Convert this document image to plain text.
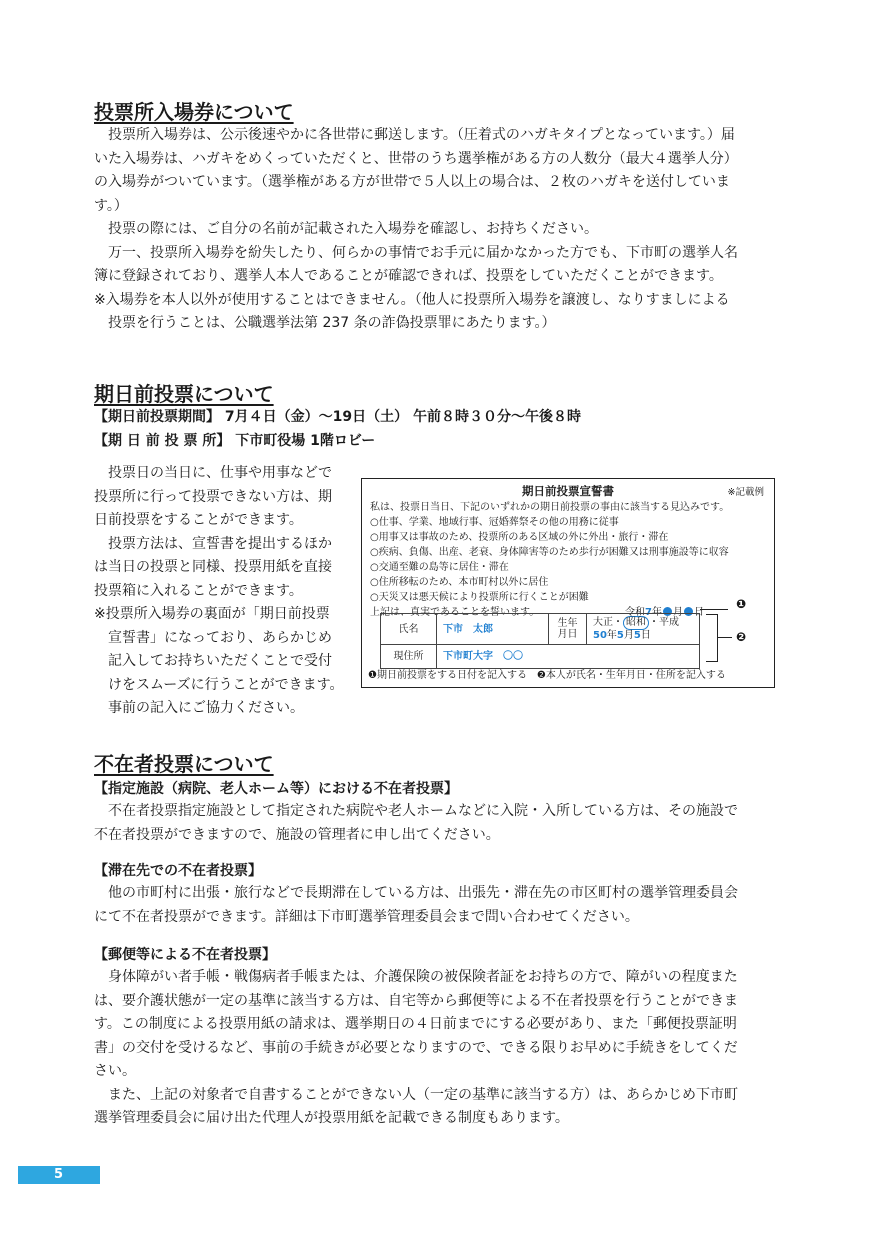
投票所入場券について
投票所入場券は、公示後速やかに各世帯に郵送します。（圧着式のハガキタイプとなっています。）届
いた入場券は、ハガキをめくっていただくと、世帯のうち選挙権がある方の人数分（最大４選挙人分）
の入場券がついています。（選挙権がある方が世帯で５人以上の場合は、２枚のハガキを送付していま
す。）
投票の際には、ご自分の名前が記載された入場券を確認し、お持ちください。
万一、投票所入場券を紛失したり、何らかの事情でお手元に届かなかった方でも、下市町の選挙人名
簿に登録されており、選挙人本人であることが確認できれば、投票をしていただくことができます。
※入場券を本人以外が使用することはできません。（他人に投票所入場券を譲渡し、なりすましによる
投票を行うことは、公職選挙法第 237 条の詐偽投票罪にあたります。）
期日前投票について
【期日前投票期間】 7月４日（金）～19日（土） 午前８時３０分～午後８時
【期 日 前 投 票 所】 下市町役場 1階ロビー
投票日の当日に、仕事や用事などで
投票所に行って投票できない方は、期
日前投票をすることができます。
投票方法は、宣誓書を提出するほか
は当日の投票と同様、投票用紙を直接
投票箱に入れることができます。
※投票所入場券の裏面が「期日前投票
宣誓書」になっており、あらかじめ
記入してお持ちいただくことで受付
けをスムーズに行うことができます。
事前の記入にご協力ください。
期日前投票宣誓書	※記載例
私は、投票日当日、下記のいずれかの期日前投票の事由に該当する見込みです。
○仕事、学業、地域行事、冠婚葬祭その他の用務に従事
○用事又は事故のため、投票所のある区域の外に外出・旅行・滞在
○疾病、負傷、出産、老衰、身体障害等のため歩行が困難又は刑事施設等に収容
○交通至難の島等に居住・滞在
○住所移転のため、本市町村以外に居住
○天災又は悪天候により投票所に行くことが困難
上記は、真実であることを誓います。	令和7年 月 日
氏名	下市　太郎	生年月日	大正・ 昭和 ・平成
50年5月5日
現住所	下市町大字　〇〇		
❶期日前投票をする日付を記入する　 ❷本人が氏名・生年月日・住所を記入する
❶
❷
不在者投票について
【指定施設（病院、老人ホーム等）における不在者投票】
不在者投票指定施設として指定された病院や老人ホームなどに入院・入所している方は、その施設で
不在者投票ができますので、施設の管理者に申し出てください。
【滞在先での不在者投票】
他の市町村に出張・旅行などで長期滞在している方は、出張先・滞在先の市区町村の選挙管理委員会
にて不在者投票ができます。詳細は下市町選挙管理委員会まで問い合わせてください。
【郵便等による不在者投票】
身体障がい者手帳・戦傷病者手帳または、介護保険の被保険者証をお持ちの方で、障がいの程度また
は、要介護状態が一定の基準に該当する方は、自宅等から郵便等による不在者投票を行うことができま
す。この制度による投票用紙の請求は、選挙期日の４日前までにする必要があり、また「郵便投票証明
書」の交付を受けるなど、事前の手続きが必要となりますので、できる限りお早めに手続きをしてくだ
さい。
また、上記の対象者で自書することができない人（一定の基準に該当する方）は、あらかじめ下市町
選挙管理委員会に届け出た代理人が投票用紙を記載できる制度もあります。
5
